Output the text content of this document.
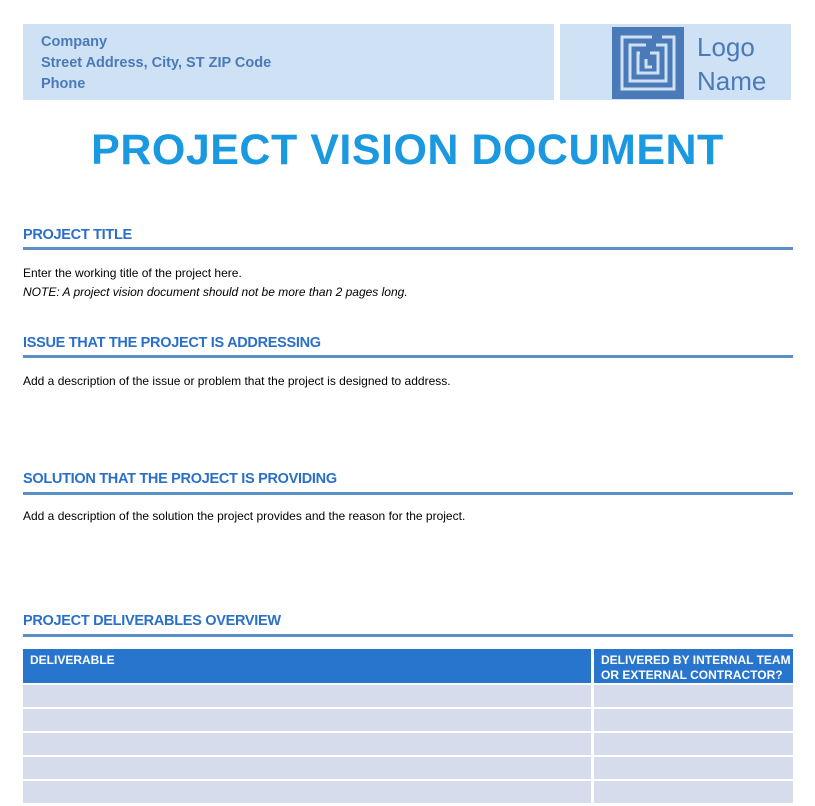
Company
Street Address, City, ST ZIP Code
Phone
Logo
Name
PROJECT VISION DOCUMENT
PROJECT TITLE
Enter the working title of the project here.
NOTE: A project vision document should not be more than 2 pages long.
ISSUE THAT THE PROJECT IS ADDRESSING
Add a description of the issue or problem that the project is designed to address.
SOLUTION THAT THE PROJECT IS PROVIDING
Add a description of the solution the project provides and the reason for the project.
PROJECT DELIVERABLES OVERVIEW
DELIVERABLE	DELIVERED BY INTERNAL TEAM
OR EXTERNAL CONTRACTOR?
